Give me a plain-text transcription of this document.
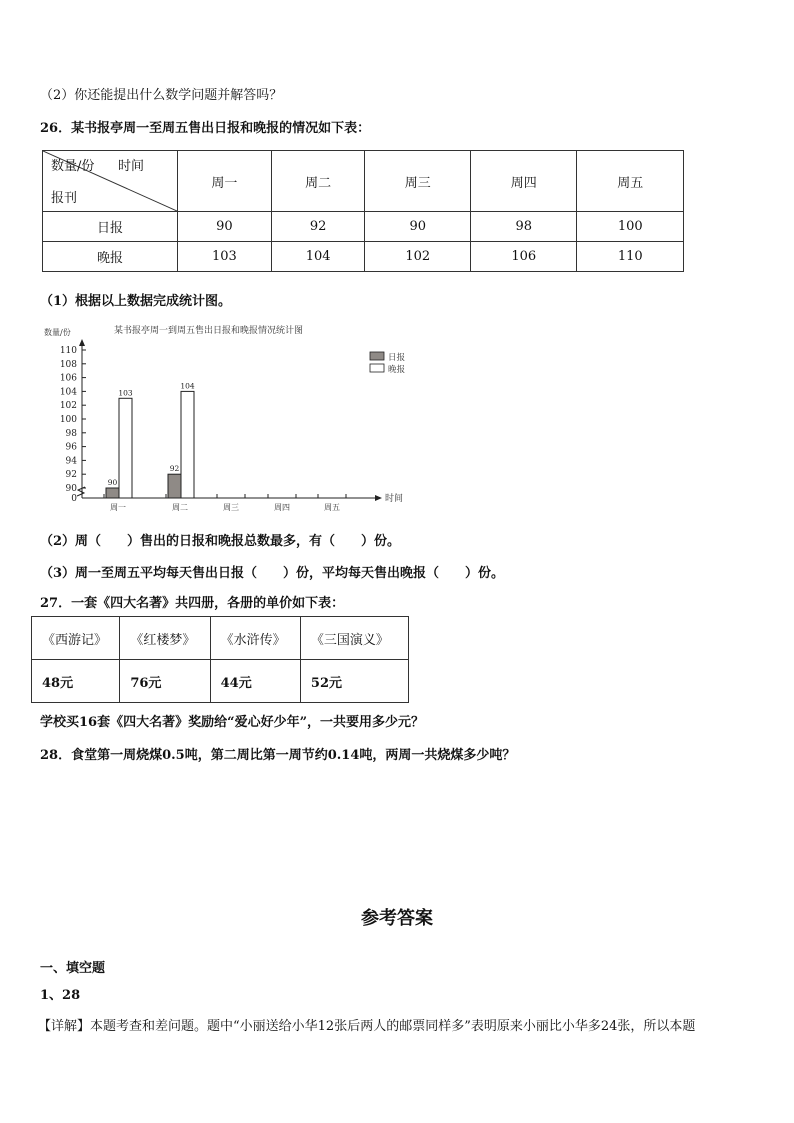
（2）你还能提出什么数学问题并解答吗？
26．某书报亭周一至周五售出日报和晚报的情况如下表：
数量/份 时间
报刊	周一	周二	周三	周四	周五
日报	90	92	90	98	100
晚报	103	104	102	106	110
（1）根据以上数据完成统计图。
某书报亭周一到周五售出日报和晚报情况统计图
数量/份
时间
0
90
92
94
96
98
100
102
104
106
108
110
周一	周二	周三	周四	周五
90
92
103
104
日报
晚报
（2）周（　　）售出的日报和晚报总数最多，有（　　）份。
（3）周一至周五平均每天售出日报（　　）份，平均每天售出晚报（　　）份。
27．一套《四大名著》共四册，各册的单价如下表：
《西游记》	《红楼梦》	《水浒传》	《三国演义》
48元	76元	44元	52元
学校买16套《四大名著》奖励给“爱心好少年”，一共要用多少元？
28．食堂第一周烧煤0.5吨，第二周比第一周节约0.14吨，两周一共烧煤多少吨？
参考答案
一、填空题
1、28
【详解】本题考查和差问题。题中“小丽送给小华12张后两人的邮票同样多”表明原来小丽比小华多24张，所以本题
